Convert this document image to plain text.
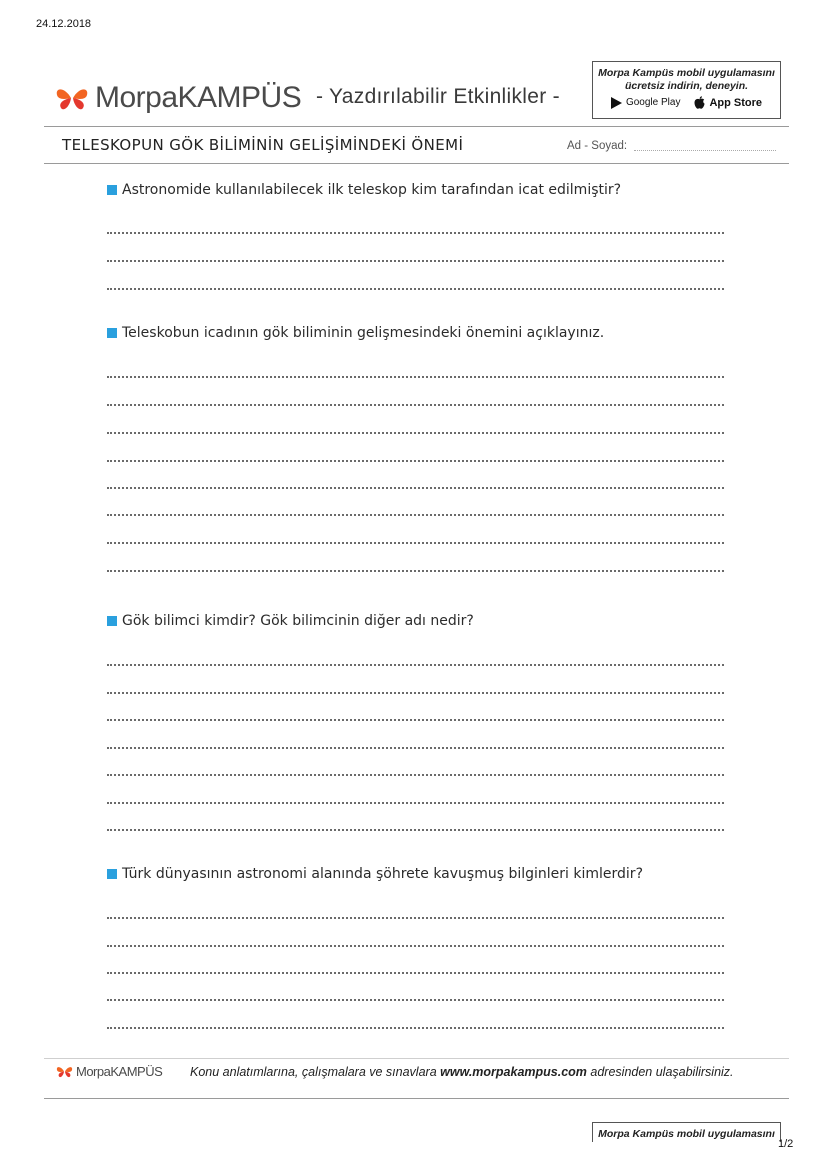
24.12.2018
MorpaKAMPÜS - Yazdırılabilir Etkinlikler -
Morpa Kampüs mobil uygulamasını
ücretsiz indirin, deneyin.
Google Play	App Store
TELESKOPUN GÖK BİLİMİNİN GELİŞİMİNDEKİ ÖNEMİ	Ad - Soyad:
Astronomide kullanılabilecek ilk teleskop kim tarafından icat edilmiştir?
Teleskobun icadının gök biliminin gelişmesindeki önemini açıklayınız.
Gök bilimci kimdir? Gök bilimcinin diğer adı nedir?
Türk dünyasının astronomi alanında şöhrete kavuşmuş bilginleri kimlerdir?
MorpaKAMPÜS Konu anlatımlarına, çalışmalara ve sınavlara www.morpakampus.com adresinden ulaşabilirsiniz.
Morpa Kampüs mobil uygulamasını
1/2
